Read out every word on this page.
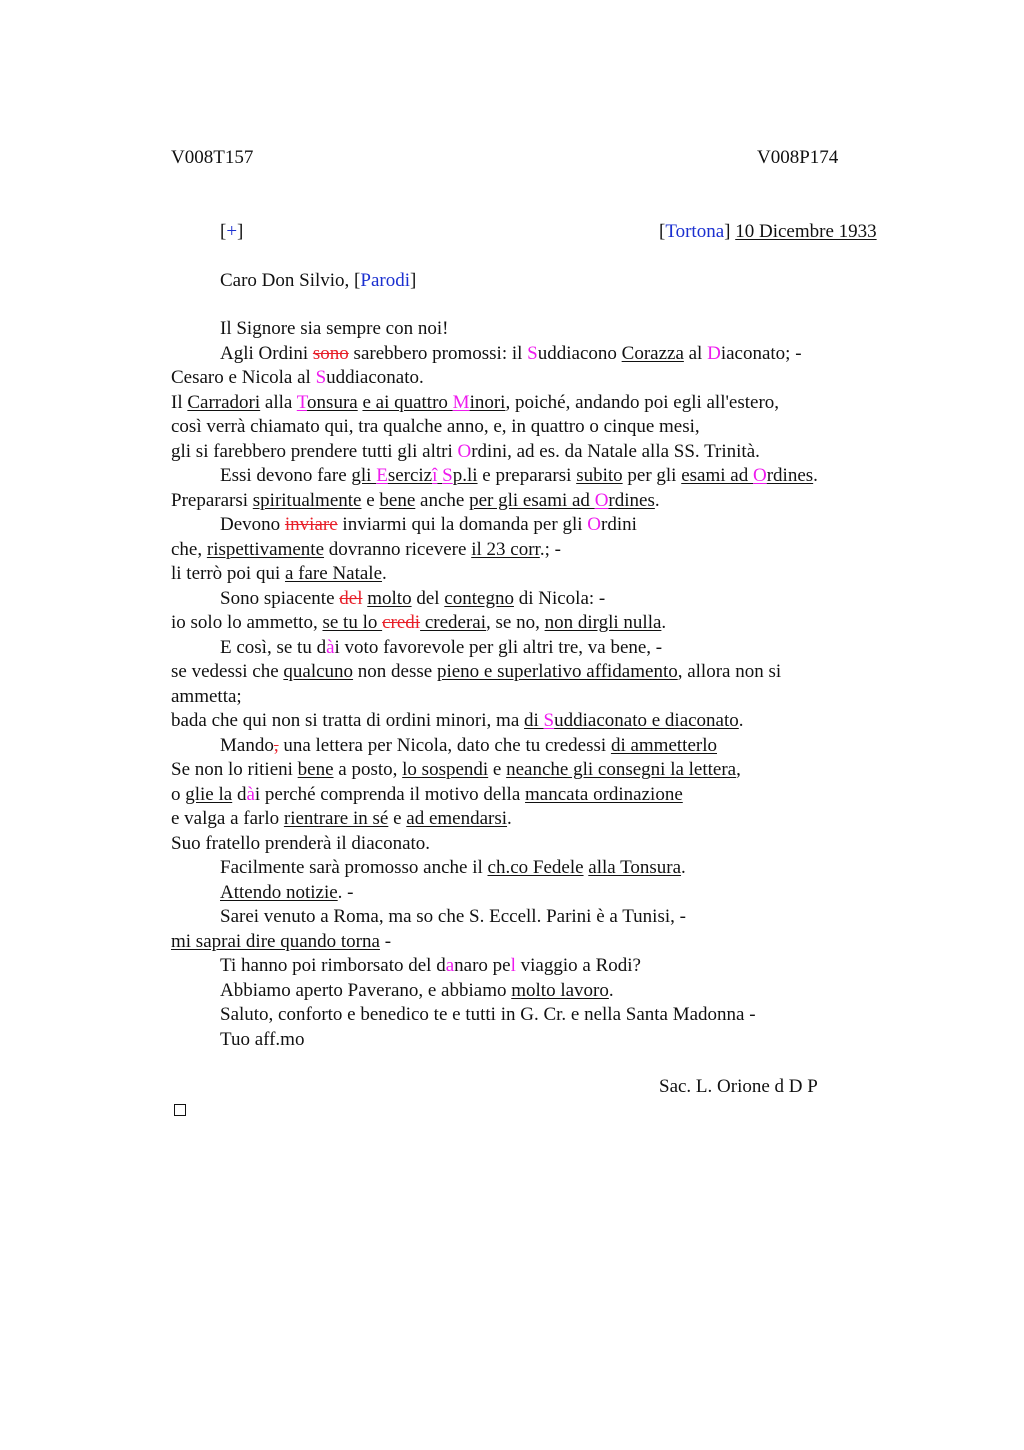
V008T157	V008P174
[+]	[Tortona] 10 Dicembre 1933
Caro Don Silvio, [Parodi]
Il Signore sia sempre con noi!
Agli Ordini sono sarebbero promossi: il Suddiacono Corazza al Diaconato; -
Cesaro e Nicola al Suddiaconato.
Il Carradori alla Tonsura e ai quattro Minori, poiché, andando poi egli all'estero,
così verrà chiamato qui, tra qualche anno, e, in quattro o cinque mesi,
gli si farebbero prendere tutti gli altri Ordini, ad es. da Natale alla SS. Trinità.
Essi devono fare gli Esercizî Sp.li e prepararsi subito per gli esami ad Ordines.
Prepararsi spiritualmente e bene anche per gli esami ad Ordines.
Devono inviare inviarmi qui la domanda per gli Ordini
che, rispettivamente dovranno ricevere il 23 corr.; -
li terrò poi qui a fare Natale.
Sono spiacente del molto del contegno di Nicola: -
io solo lo ammetto, se tu lo credi crederai, se no, non dirgli nulla.
E così, se tu dài voto favorevole per gli altri tre, va bene, -
se vedessi che qualcuno non desse pieno e superlativo affidamento, allora non si
ammetta;
bada che qui non si tratta di ordini minori, ma di Suddiaconato e diaconato.
Mando, una lettera per Nicola, dato che tu credessi di ammetterlo
Se non lo ritieni bene a posto, lo sospendi e neanche gli consegni la lettera,
o glie la dài perché comprenda il motivo della mancata ordinazione
e valga a farlo rientrare in sé e ad emendarsi.
Suo fratello prenderà il diaconato.
Facilmente sarà promosso anche il ch.co Fedele alla Tonsura.
Attendo notizie. -
Sarei venuto a Roma, ma so che S. Eccell. Parini è a Tunisi, -
mi saprai dire quando torna -
Ti hanno poi rimborsato del danaro pel viaggio a Rodi?
Abbiamo aperto Paverano, e abbiamo molto lavoro.
Saluto, conforto e benedico te e tutti in G. Cr. e nella Santa Madonna -
Tuo aff.mo
Sac. L. Orione d D P
